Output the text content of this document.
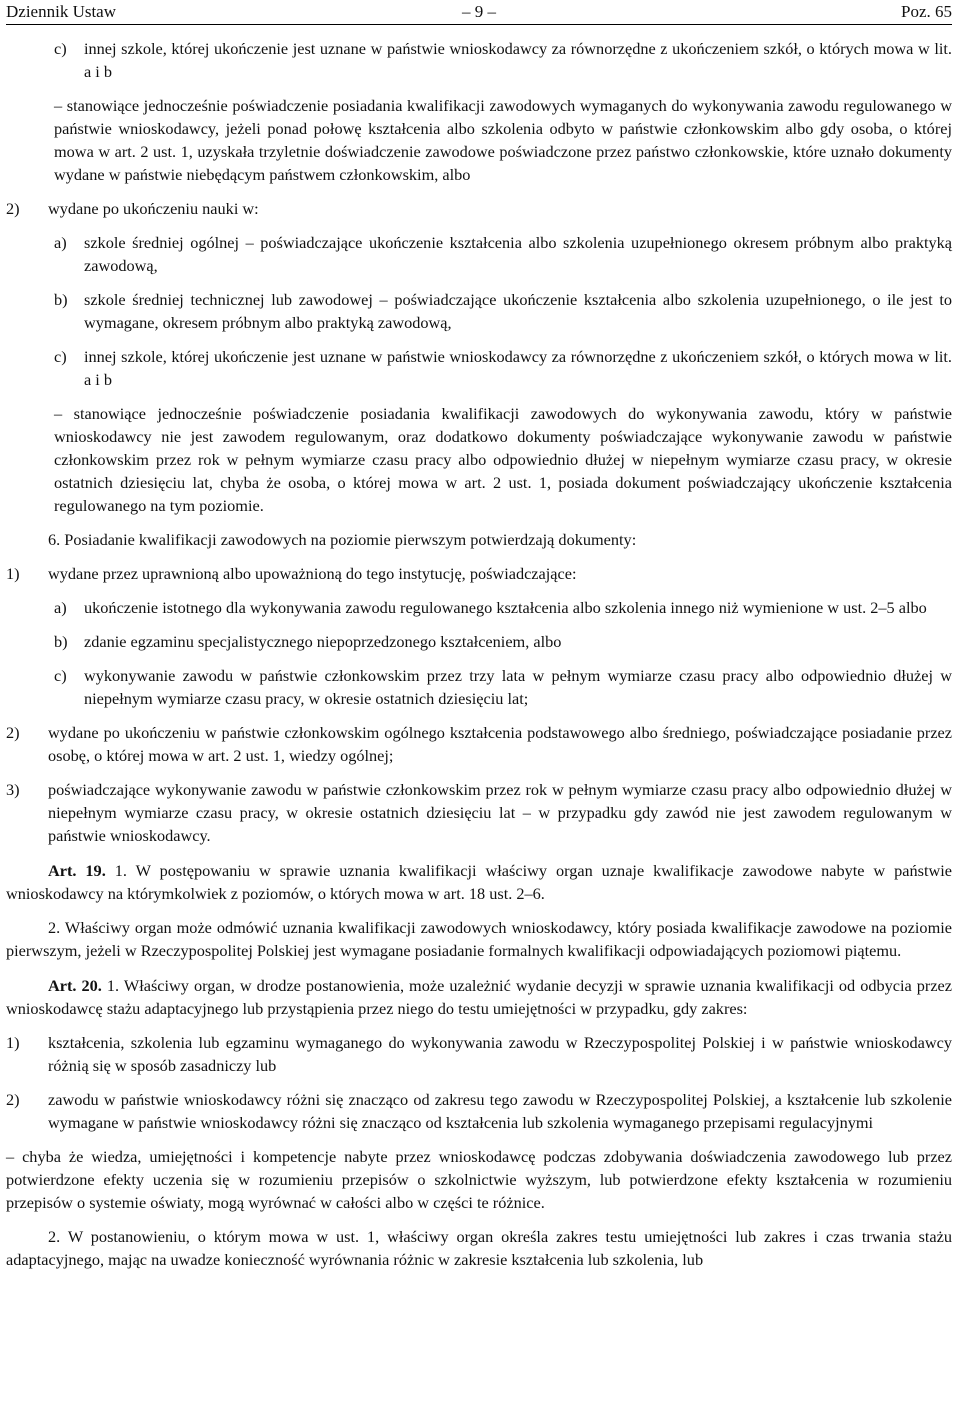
Dziennik Ustaw	– 9 –	Poz. 65
c)	innej szkole, której ukończenie jest uznane w państwie wnioskodawcy za równorzędne z ukończeniem szkół, o których mowa w lit. a i b

– stanowiące jednocześnie poświadczenie posiadania kwalifikacji zawodowych wymaganych do wykonywania zawodu regulowanego w państwie wnioskodawcy, jeżeli ponad połowę kształcenia albo szkolenia odbyto w państwie członkowskim albo gdy osoba, o której mowa w art. 2 ust. 1, uzyskała trzyletnie doświadczenie zawodowe poświadczone przez państwo członkowskie, które uznało dokumenty wydane w państwie niebędącym państwem członkowskim, albo

2)	wydane po ukończeniu nauki w:
a)	szkole średniej ogólnej – poświadczające ukończenie kształcenia albo szkolenia uzupełnionego okresem próbnym albo praktyką zawodową,
b)	szkole średniej technicznej lub zawodowej – poświadczające ukończenie kształcenia albo szkolenia uzupełnionego, o ile jest to wymagane, okresem próbnym albo praktyką zawodową,
c)	innej szkole, której ukończenie jest uznane w państwie wnioskodawcy za równorzędne z ukończeniem szkół, o których mowa w lit. a i b

– stanowiące jednocześnie poświadczenie posiadania kwalifikacji zawodowych do wykonywania zawodu, który w państwie wnioskodawcy nie jest zawodem regulowanym, oraz dodatkowo dokumenty poświadczające wykonywanie zawodu w państwie członkowskim przez rok w pełnym wymiarze czasu pracy albo odpowiednio dłużej w niepełnym wymiarze czasu pracy, w okresie ostatnich dziesięciu lat, chyba że osoba, o której mowa w art. 2 ust. 1, posiada dokument poświadczający ukończenie kształcenia regulowanego na tym poziomie.

6. Posiadanie kwalifikacji zawodowych na poziomie pierwszym potwierdzają dokumenty:

1)	wydane przez uprawnioną albo upoważnioną do tego instytucję, poświadczające:
a)	ukończenie istotnego dla wykonywania zawodu regulowanego kształcenia albo szkolenia innego niż wymienione w ust. 2–5 albo
b)	zdanie egzaminu specjalistycznego niepoprzedzonego kształceniem, albo
c)	wykonywanie zawodu w państwie członkowskim przez trzy lata w pełnym wymiarze czasu pracy albo odpowiednio dłużej w niepełnym wymiarze czasu pracy, w okresie ostatnich dziesięciu lat;
2)	wydane po ukończeniu w państwie członkowskim ogólnego kształcenia podstawowego albo średniego, poświadczające posiadanie przez osobę, o której mowa w art. 2 ust. 1, wiedzy ogólnej;
3)	poświadczające wykonywanie zawodu w państwie członkowskim przez rok w pełnym wymiarze czasu pracy albo odpowiednio dłużej w niepełnym wymiarze czasu pracy, w okresie ostatnich dziesięciu lat – w przypadku gdy zawód nie jest zawodem regulowanym w państwie wnioskodawcy.

Art. 19. 1. W postępowaniu w sprawie uznania kwalifikacji właściwy organ uznaje kwalifikacje zawodowe nabyte w państwie wnioskodawcy na którymkolwiek z poziomów, o których mowa w art. 18 ust. 2–6.

2. Właściwy organ może odmówić uznania kwalifikacji zawodowych wnioskodawcy, który posiada kwalifikacje zawodowe na poziomie pierwszym, jeżeli w Rzeczypospolitej Polskiej jest wymagane posiadanie formalnych kwalifikacji odpowiadających poziomowi piątemu.

Art. 20. 1. Właściwy organ, w drodze postanowienia, może uzależnić wydanie decyzji w sprawie uznania kwalifikacji od odbycia przez wnioskodawcę stażu adaptacyjnego lub przystąpienia przez niego do testu umiejętności w przypadku, gdy zakres:

1)	kształcenia, szkolenia lub egzaminu wymaganego do wykonywania zawodu w Rzeczypospolitej Polskiej i w państwie wnioskodawcy różnią się w sposób zasadniczy lub
2)	zawodu w państwie wnioskodawcy różni się znacząco od zakresu tego zawodu w Rzeczypospolitej Polskiej, a kształcenie lub szkolenie wymagane w państwie wnioskodawcy różni się znacząco od kształcenia lub szkolenia wymaganego przepisami regulacyjnymi

– chyba że wiedza, umiejętności i kompetencje nabyte przez wnioskodawcę podczas zdobywania doświadczenia zawodowego lub przez potwierdzone efekty uczenia się w rozumieniu przepisów o szkolnictwie wyższym, lub potwierdzone efekty kształcenia w rozumieniu przepisów o systemie oświaty, mogą wyrównać w całości albo w części te różnice.

2. W postanowieniu, o którym mowa w ust. 1, właściwy organ określa zakres testu umiejętności lub zakres i czas trwania stażu adaptacyjnego, mając na uwadze konieczność wyrównania różnic w zakresie kształcenia lub szkolenia, lub
